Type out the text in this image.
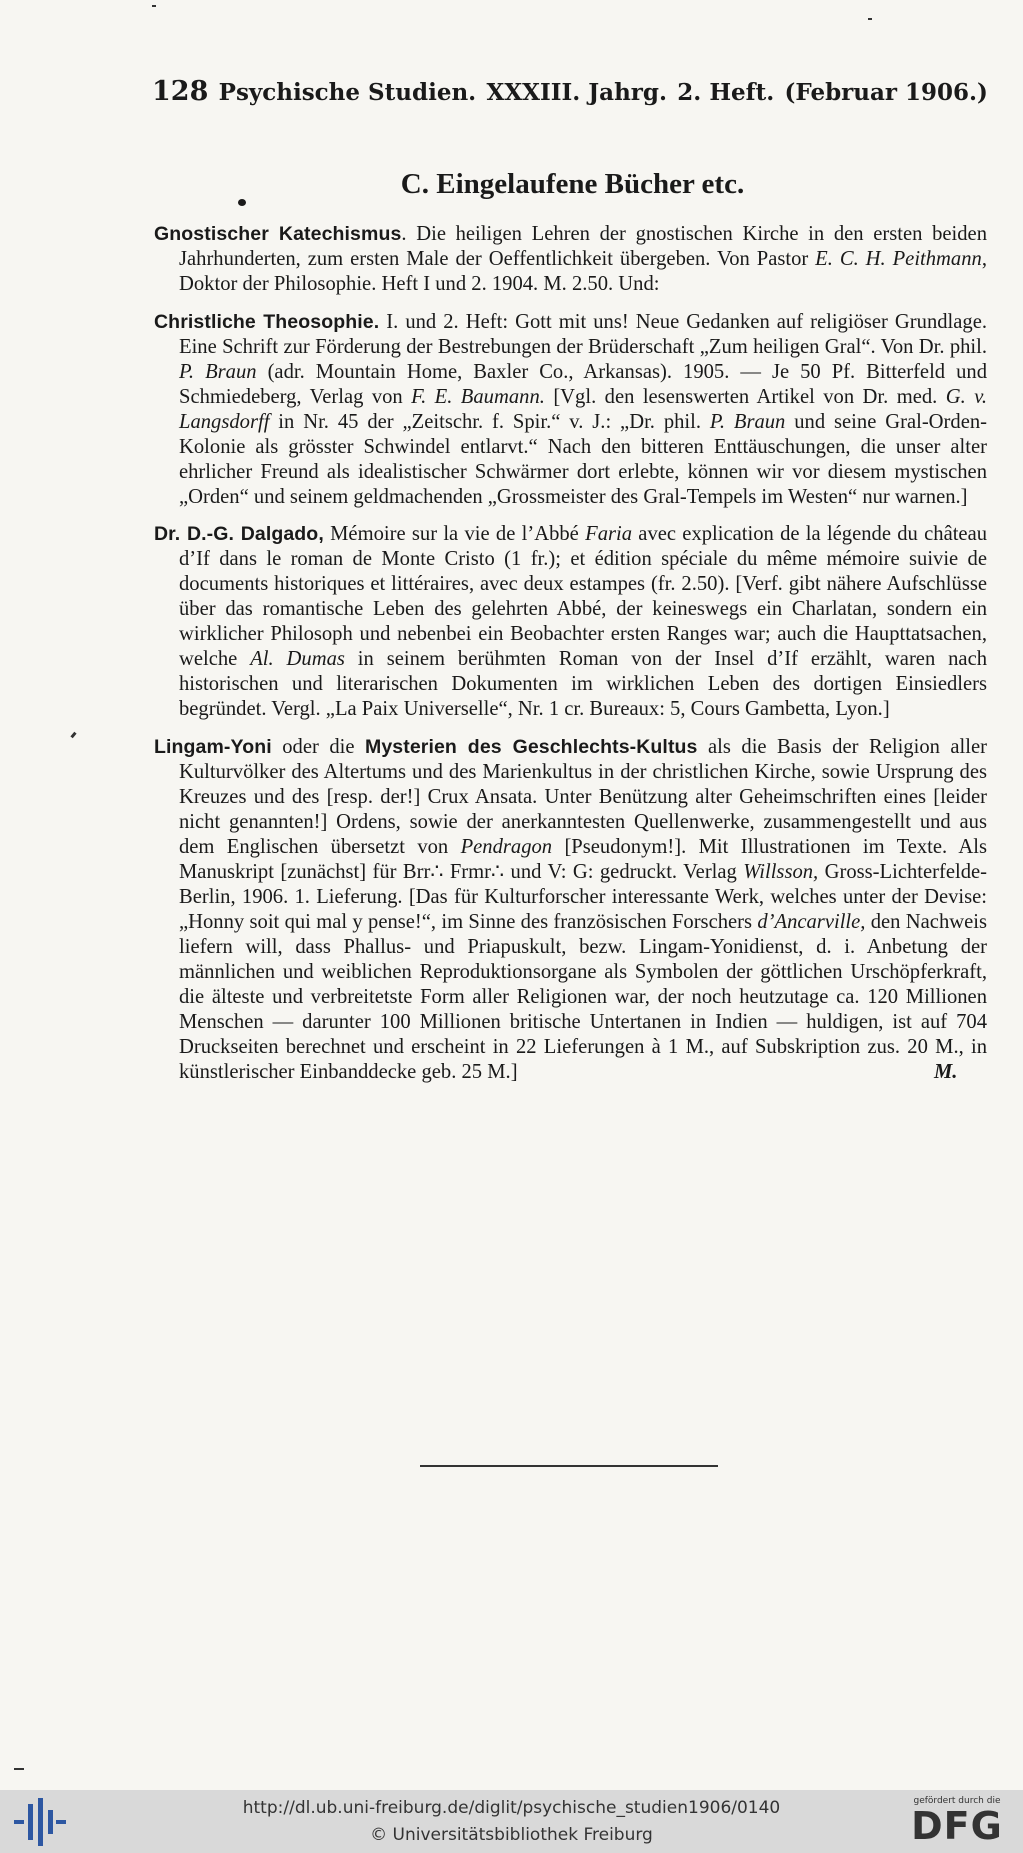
128 Psychische Studien. XXXIII. Jahrg. 2. Heft. (Februar 1906.)
C. Eingelaufene Bücher etc.

Gnostischer Katechismus. Die heiligen Lehren der gnostischen Kirche in den ersten beiden Jahrhunderten, zum ersten Male der Oeffentlichkeit übergeben. Von Pastor E. C. H. Peithmann, Doktor der Philosophie. Heft I und 2. 1904. M. 2.50. Und:

Christliche Theosophie. I. und 2. Heft: Gott mit uns! Neue Gedanken auf religiöser Grundlage. Eine Schrift zur Förderung der Bestrebungen der Brüderschaft „Zum heiligen Gral“. Von Dr. phil. P. Braun (adr. Mountain Home, Baxler Co., Arkansas). 1905. — Je 50 Pf. Bitterfeld und Schmiedeberg, Verlag von F. E. Baumann. [Vgl. den lesenswerten Artikel von Dr. med. G. v. Langsdorff in Nr. 45 der „Zeitschr. f. Spir.“ v. J.: „Dr. phil. P. Braun und seine Gral-Orden-Kolonie als grösster Schwindel entlarvt.“ Nach den bitteren Enttäuschungen, die unser alter ehrlicher Freund als idealistischer Schwärmer dort erlebte, können wir vor diesem mystischen „Orden“ und seinem geldmachenden „Grossmeister des Gral-Tempels im Westen“ nur warnen.]

Dr. D.-G. Dalgado, Mémoire sur la vie de l’Abbé Faria avec explication de la légende du château d’If dans le roman de Monte Cristo (1 fr.); et édition spéciale du même mémoire suivie de documents historiques et littéraires, avec deux estampes (fr. 2.50). [Verf. gibt nähere Aufschlüsse über das romantische Leben des gelehrten Abbé, der keineswegs ein Charlatan, sondern ein wirklicher Philosoph und nebenbei ein Beobachter ersten Ranges war; auch die Haupttatsachen, welche Al. Dumas in seinem berühmten Roman von der Insel d’If erzählt, waren nach historischen und literarischen Dokumenten im wirklichen Leben des dortigen Einsiedlers begründet. Vergl. „La Paix Universelle“, Nr. 1 cr. Bureaux: 5, Cours Gambetta, Lyon.]

Lingam-Yoni oder die Mysterien des Geschlechts-Kultus als die Basis der Religion aller Kulturvölker des Altertums und des Marienkultus in der christlichen Kirche, sowie Ursprung des Kreuzes und des [resp. der!] Crux Ansata. Unter Benützung alter Geheimschriften eines [leider nicht genannten!] Ordens, sowie der anerkanntesten Quellenwerke, zusammengestellt und aus dem Englischen übersetzt von Pendragon [Pseudonym!]. Mit Illustrationen im Texte. Als Manuskript [zunächst] für Brr∴ Frmr∴ und V: G: gedruckt. Verlag Willsson, Gross-Lichterfelde-Berlin, 1906. 1. Lieferung. [Das für Kulturforscher interessante Werk, welches unter der Devise: „Honny soit qui mal y pense!“, im Sinne des französischen Forschers d’Ancarville, den Nachweis liefern will, dass Phallus- und Priapuskult, bezw. Lingam-Yonidienst, d. i. Anbetung der männlichen und weiblichen Reproduktionsorgane als Symbolen der göttlichen Urschöpferkraft, die älteste und verbreitetste Form aller Religionen war, der noch heutzutage ca. 120 Millionen Menschen — darunter 100 Millionen britische Untertanen in Indien — huldigen, ist auf 704 Druckseiten berechnet und erscheint in 22 Lieferungen à 1 M., auf Subskription zus. 20 M., in künstlerischer Einbanddecke geb. 25 M.]	M.

http://dl.ub.uni-freiburg.de/diglit/psychische_studien1906/0140
© Universitätsbibliothek Freiburg
gefördert durch die
DFG
